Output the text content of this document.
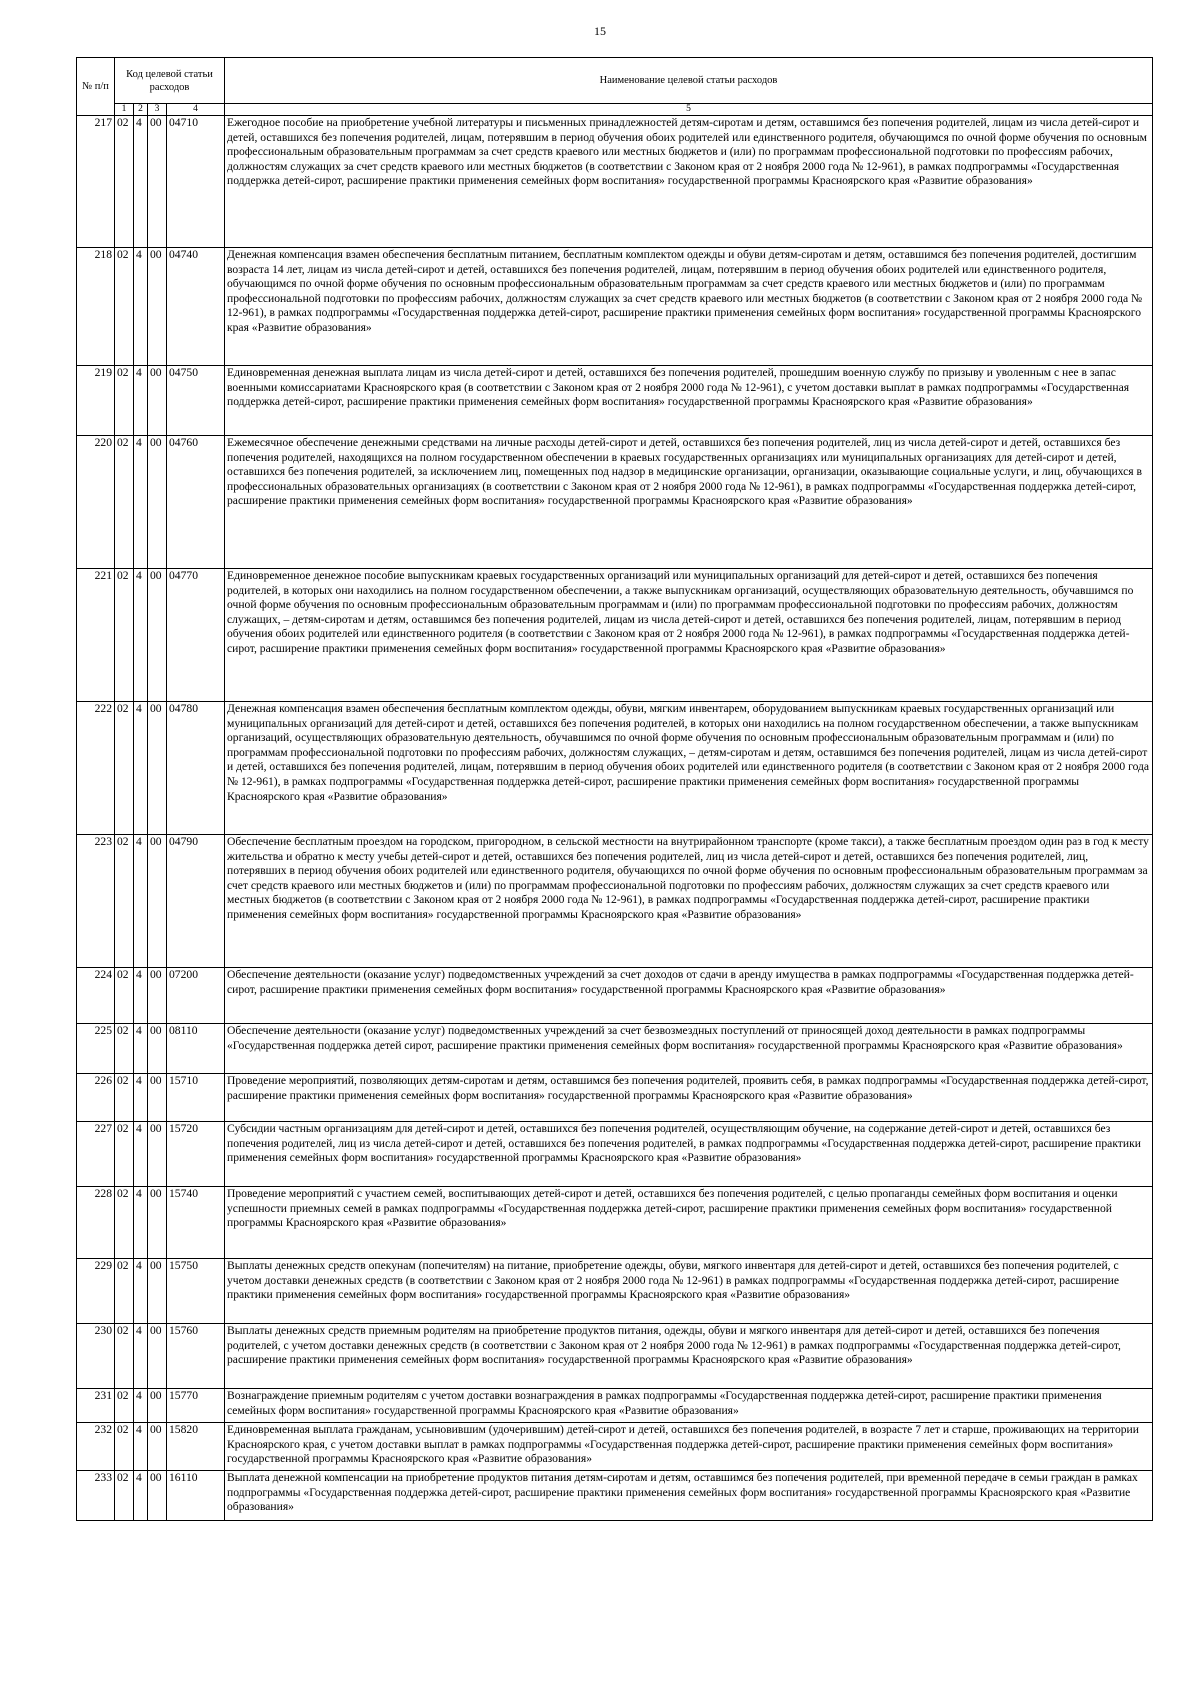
15
№ п/п	Код целевой статьи расходов				Наименование целевой статьи расходов
	1	2	3	4	5
217	02	4	00	04710	Ежегодное пособие на приобретение учебной литературы и письменных принадлежностей детям-сиротам и детям, оставшимся без попечения родителей, лицам из числа детей-сирот и детей, оставшихся без попечения родителей, лицам, потерявшим в период обучения обоих родителей или единственного родителя, обучающимся по очной форме обучения по основным профессиональным образовательным программам за счет средств краевого или местных бюджетов и (или) по программам профессиональной подготовки по профессиям рабочих, должностям служащих за счет средств краевого или местных бюджетов (в соответствии с Законом края от 2 ноября 2000 года № 12-961), в рамках подпрограммы «Государственная поддержка детей-сирот, расширение практики применения семейных форм воспитания» государственной программы Красноярского края «Развитие образования»
218	02	4	00	04740	Денежная компенсация взамен обеспечения бесплатным питанием, бесплатным комплектом одежды и обуви детям-сиротам и детям, оставшимся без попечения родителей, достигшим возраста 14 лет, лицам из числа детей-сирот и детей, оставшихся без попечения родителей, лицам, потерявшим в период обучения обоих родителей или единственного родителя, обучающимся по очной форме обучения по основным профессиональным образовательным программам за счет средств краевого или местных бюджетов и (или) по программам профессиональной подготовки по профессиям рабочих, должностям служащих за счет средств краевого или местных бюджетов (в соответствии с Законом края от 2 ноября 2000 года № 12-961), в рамках подпрограммы «Государственная поддержка детей-сирот, расширение практики применения семейных форм воспитания» государственной программы Красноярского края «Развитие образования»
219	02	4	00	04750	Единовременная денежная выплата лицам из числа детей-сирот и детей, оставшихся без попечения родителей, прошедшим военную службу по призыву и уволенным с нее в запас военными комиссариатами Красноярского края (в соответствии с Законом края от 2 ноября 2000 года № 12-961), с учетом доставки выплат в рамках подпрограммы «Государственная поддержка детей-сирот, расширение практики применения семейных форм воспитания» государственной программы Красноярского края «Развитие образования»
220	02	4	00	04760	Ежемесячное обеспечение денежными средствами на личные расходы детей-сирот и детей, оставшихся без попечения родителей, лиц из числа детей-сирот и детей, оставшихся без попечения родителей, находящихся на полном государственном обеспечении в краевых государственных организациях или муниципальных организациях для детей-сирот и детей, оставшихся без попечения родителей, за исключением лиц, помещенных под надзор в медицинские организации, организации, оказывающие социальные услуги, и лиц, обучающихся в профессиональных образовательных организациях (в соответствии с Законом края от 2 ноября 2000 года № 12-961), в рамках подпрограммы «Государственная поддержка детей-сирот, расширение практики применения семейных форм воспитания» государственной программы Красноярского края «Развитие образования»
221	02	4	00	04770	Единовременное денежное пособие выпускникам краевых государственных организаций или муниципальных организаций для детей-сирот и детей, оставшихся без попечения родителей, в которых они находились на полном государственном обеспечении, а также выпускникам организаций, осуществляющих образовательную деятельность, обучавшимся по очной форме обучения по основным профессиональным образовательным программам и (или) по программам профессиональной подготовки по профессиям рабочих, должностям служащих, – детям-сиротам и детям, оставшимся без попечения родителей, лицам из числа детей-сирот и детей, оставшихся без попечения родителей, лицам, потерявшим в период обучения обоих родителей или единственного родителя (в соответствии с Законом края от 2 ноября 2000 года № 12-961), в рамках подпрограммы «Государственная поддержка детей-сирот, расширение практики применения семейных форм воспитания» государственной программы Красноярского края «Развитие образования»
222	02	4	00	04780	Денежная компенсация взамен обеспечения бесплатным комплектом одежды, обуви, мягким инвентарем, оборудованием выпускникам краевых государственных организаций или муниципальных организаций для детей-сирот и детей, оставшихся без попечения родителей, в которых они находились на полном государственном обеспечении, а также выпускникам организаций, осуществляющих образовательную деятельность, обучавшимся по очной форме обучения по основным профессиональным образовательным программам и (или) по программам профессиональной подготовки по профессиям рабочих, должностям служащих, – детям-сиротам и детям, оставшимся без попечения родителей, лицам из числа детей-сирот и детей, оставшихся без попечения родителей, лицам, потерявшим в период обучения обоих родителей или единственного родителя (в соответствии с Законом края от 2 ноября 2000 года № 12-961), в рамках подпрограммы «Государственная поддержка детей-сирот, расширение практики применения семейных форм воспитания» государственной программы Красноярского края «Развитие образования»
223	02	4	00	04790	Обеспечение бесплатным проездом на городском, пригородном, в сельской местности на внутрирайонном транспорте (кроме такси), а также бесплатным проездом один раз в год к месту жительства и обратно к месту учебы детей-сирот и детей, оставшихся без попечения родителей, лиц из числа детей-сирот и детей, оставшихся без попечения родителей, лиц, потерявших в период обучения обоих родителей или единственного родителя, обучающихся по очной форме обучения по основным профессиональным образовательным программам за счет средств краевого или местных бюджетов и (или) по программам профессиональной подготовки по профессиям рабочих, должностям служащих за счет средств краевого или местных бюджетов (в соответствии с Законом края от 2 ноября 2000 года № 12-961), в рамках подпрограммы «Государственная поддержка детей-сирот, расширение практики применения семейных форм воспитания» государственной программы Красноярского края «Развитие образования»
224	02	4	00	07200	Обеспечение деятельности (оказание услуг) подведомственных учреждений за счет доходов от сдачи в аренду имущества в рамках подпрограммы «Государственная поддержка детей-сирот, расширение практики применения семейных форм воспитания» государственной программы Красноярского края «Развитие образования»
225	02	4	00	08110	Обеспечение деятельности (оказание услуг) подведомственных учреждений за счет безвозмездных поступлений от приносящей доход деятельности в рамках подпрограммы «Государственная поддержка детей сирот, расширение практики применения семейных форм воспитания» государственной программы Красноярского края «Развитие образования»
226	02	4	00	15710	Проведение мероприятий, позволяющих детям-сиротам и детям, оставшимся без попечения родителей, проявить себя, в рамках подпрограммы «Государственная поддержка детей-сирот, расширение практики применения семейных форм воспитания» государственной программы Красноярского края «Развитие образования»
227	02	4	00	15720	Субсидии частным организациям для детей-сирот и детей, оставшихся без попечения родителей, осуществляющим обучение, на содержание детей-сирот и детей, оставшихся без попечения родителей, лиц из числа детей-сирот и детей, оставшихся без попечения родителей, в рамках подпрограммы «Государственная поддержка детей-сирот, расширение практики применения семейных форм воспитания» государственной программы Красноярского края «Развитие образования»
228	02	4	00	15740	Проведение мероприятий с участием семей, воспитывающих детей-сирот и детей, оставшихся без попечения родителей, с целью пропаганды семейных форм воспитания и оценки успешности приемных семей в рамках подпрограммы «Государственная поддержка детей-сирот, расширение практики применения семейных форм воспитания» государственной программы Красноярского края «Развитие образования»
229	02	4	00	15750	Выплаты денежных средств опекунам (попечителям) на питание, приобретение одежды, обуви, мягкого инвентаря для детей-сирот и детей, оставшихся без попечения родителей, с учетом доставки денежных средств (в соответствии с Законом края от 2 ноября 2000 года № 12-961) в рамках подпрограммы «Государственная поддержка детей-сирот, расширение практики применения семейных форм воспитания» государственной программы Красноярского края «Развитие образования»
230	02	4	00	15760	Выплаты денежных средств приемным родителям на приобретение продуктов питания, одежды, обуви и мягкого инвентаря для детей-сирот и детей, оставшихся без попечения родителей, с учетом доставки денежных средств (в соответствии с Законом края от 2 ноября 2000 года № 12-961) в рамках подпрограммы «Государственная поддержка детей-сирот, расширение практики применения семейных форм воспитания» государственной программы Красноярского края «Развитие образования»
231	02	4	00	15770	Вознаграждение приемным родителям с учетом доставки вознаграждения в рамках подпрограммы «Государственная поддержка детей-сирот, расширение практики применения семейных форм воспитания» государственной программы Красноярского края «Развитие образования»
232	02	4	00	15820	Единовременная выплата гражданам, усыновившим (удочерившим) детей-сирот и детей, оставшихся без попечения родителей, в возрасте 7 лет и старше, проживающих на территории Красноярского края, с учетом доставки выплат в рамках подпрограммы «Государственная поддержка детей-сирот, расширение практики применения семейных форм воспитания» государственной программы Красноярского края «Развитие образования»
233	02	4	00	16110	Выплата денежной компенсации на приобретение продуктов питания детям-сиротам и детям, оставшимся без попечения родителей, при временной передаче в семьи граждан в рамках подпрограммы «Государственная поддержка детей-сирот, расширение практики применения семейных форм воспитания» государственной программы Красноярского края «Развитие образования»
